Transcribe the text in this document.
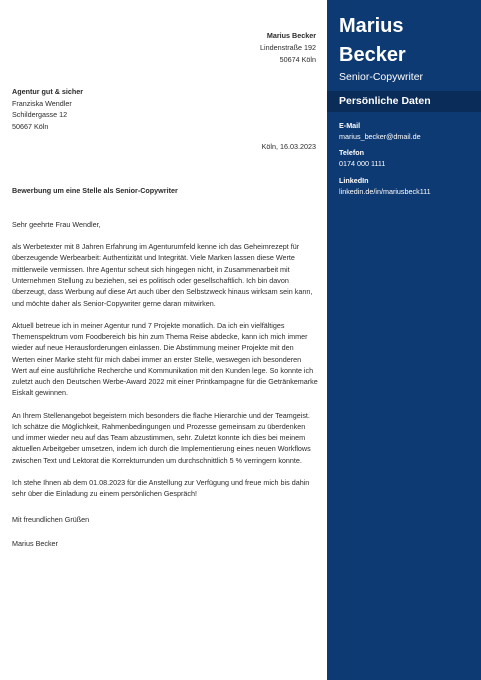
Marius Becker
Lindenstraße 192
50674 Köln
Agentur gut & sicher
Franziska Wendler
Schildergasse 12
50667 Köln
Köln, 16.03.2023
Bewerbung um eine Stelle als Senior-Copywriter

Sehr geehrte Frau Wendler,

als Werbetexter mit 8 Jahren Erfahrung im Agenturumfeld kenne ich das Geheimrezept für überzeugende Werbearbeit: Authentizität und Integrität. Viele Marken lassen diese Werte mittlerweile vermissen. Ihre Agentur scheut sich hingegen nicht, in Zusammenarbeit mit Unternehmen Stellung zu beziehen, sei es politisch oder gesellschaftlich. Ich bin davon überzeugt, dass Werbung auf diese Art auch über den Selbstzweck hinaus wirksam sein kann, und möchte daher als Senior-Copywriter gerne daran mitwirken.

Aktuell betreue ich in meiner Agentur rund 7 Projekte monatlich. Da ich ein vielfältiges Themenspektrum vom Foodbereich bis hin zum Thema Reise abdecke, kann ich mich immer wieder auf neue Herausforderungen einlassen. Die Abstimmung meiner Projekte mit den Werten einer Marke steht für mich dabei immer an erster Stelle, weswegen ich besonderen Wert auf eine ausführliche Recherche und Kommunikation mit den Kunden lege. So konnte ich zuletzt auch den Deutschen Werbe-Award 2022 mit einer Printkampagne für die Getränkemarke Eiskalt gewinnen.

An Ihrem Stellenangebot begeistern mich besonders die flache Hierarchie und der Teamgeist. Ich schätze die Möglichkeit, Rahmenbedingungen und Prozesse gemeinsam zu überdenken und immer wieder neu auf das Team abzustimmen, sehr. Zuletzt konnte ich dies bei meinem aktuellen Arbeitgeber umsetzen, indem ich durch die Implementierung eines neuen Workflows zwischen Text und Lektorat die Korrekturrunden um durchschnittlich 5 % verringern konnte.

Ich stehe Ihnen ab dem 01.08.2023 für die Anstellung zur Verfügung und freue mich bis dahin sehr über die Einladung zu einem persönlichen Gespräch!

Mit freundlichen Grüßen

Marius Becker

Marius
Becker
Senior-Copywriter
Persönliche Daten
E-Mail
marius_becker@dmail.de
Telefon
0174 000 1111
LinkedIn
linkedin.de/in/mariusbeck111
